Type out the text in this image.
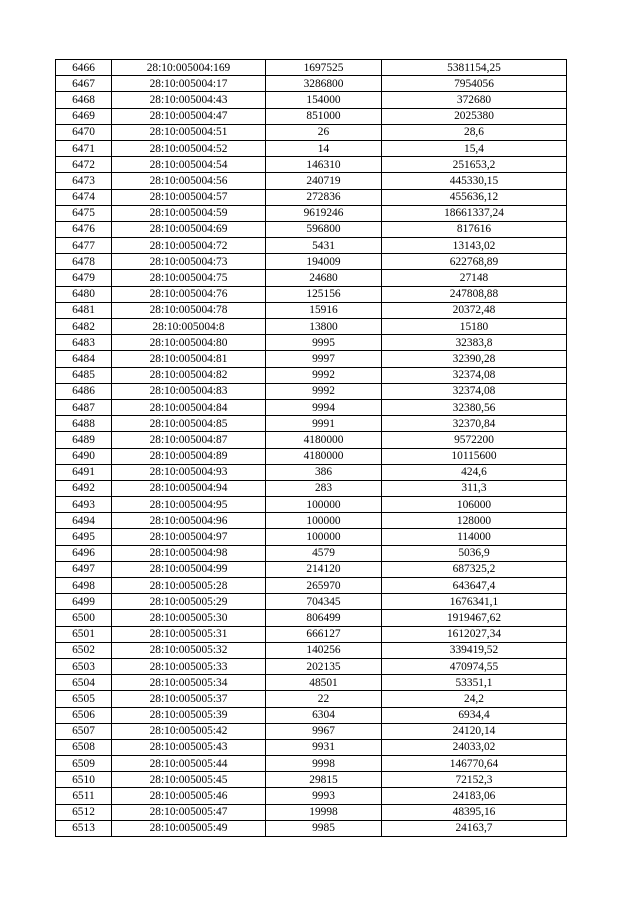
6466	28:10:005004:169	1697525	5381154,25
6467	28:10:005004:17	3286800	7954056
6468	28:10:005004:43	154000	372680
6469	28:10:005004:47	851000	2025380
6470	28:10:005004:51	26	28,6
6471	28:10:005004:52	14	15,4
6472	28:10:005004:54	146310	251653,2
6473	28:10:005004:56	240719	445330,15
6474	28:10:005004:57	272836	455636,12
6475	28:10:005004:59	9619246	18661337,24
6476	28:10:005004:69	596800	817616
6477	28:10:005004:72	5431	13143,02
6478	28:10:005004:73	194009	622768,89
6479	28:10:005004:75	24680	27148
6480	28:10:005004:76	125156	247808,88
6481	28:10:005004:78	15916	20372,48
6482	28:10:005004:8	13800	15180
6483	28:10:005004:80	9995	32383,8
6484	28:10:005004:81	9997	32390,28
6485	28:10:005004:82	9992	32374,08
6486	28:10:005004:83	9992	32374,08
6487	28:10:005004:84	9994	32380,56
6488	28:10:005004:85	9991	32370,84
6489	28:10:005004:87	4180000	9572200
6490	28:10:005004:89	4180000	10115600
6491	28:10:005004:93	386	424,6
6492	28:10:005004:94	283	311,3
6493	28:10:005004:95	100000	106000
6494	28:10:005004:96	100000	128000
6495	28:10:005004:97	100000	114000
6496	28:10:005004:98	4579	5036,9
6497	28:10:005004:99	214120	687325,2
6498	28:10:005005:28	265970	643647,4
6499	28:10:005005:29	704345	1676341,1
6500	28:10:005005:30	806499	1919467,62
6501	28:10:005005:31	666127	1612027,34
6502	28:10:005005:32	140256	339419,52
6503	28:10:005005:33	202135	470974,55
6504	28:10:005005:34	48501	53351,1
6505	28:10:005005:37	22	24,2
6506	28:10:005005:39	6304	6934,4
6507	28:10:005005:42	9967	24120,14
6508	28:10:005005:43	9931	24033,02
6509	28:10:005005:44	9998	146770,64
6510	28:10:005005:45	29815	72152,3
6511	28:10:005005:46	9993	24183,06
6512	28:10:005005:47	19998	48395,16
6513	28:10:005005:49	9985	24163,7
